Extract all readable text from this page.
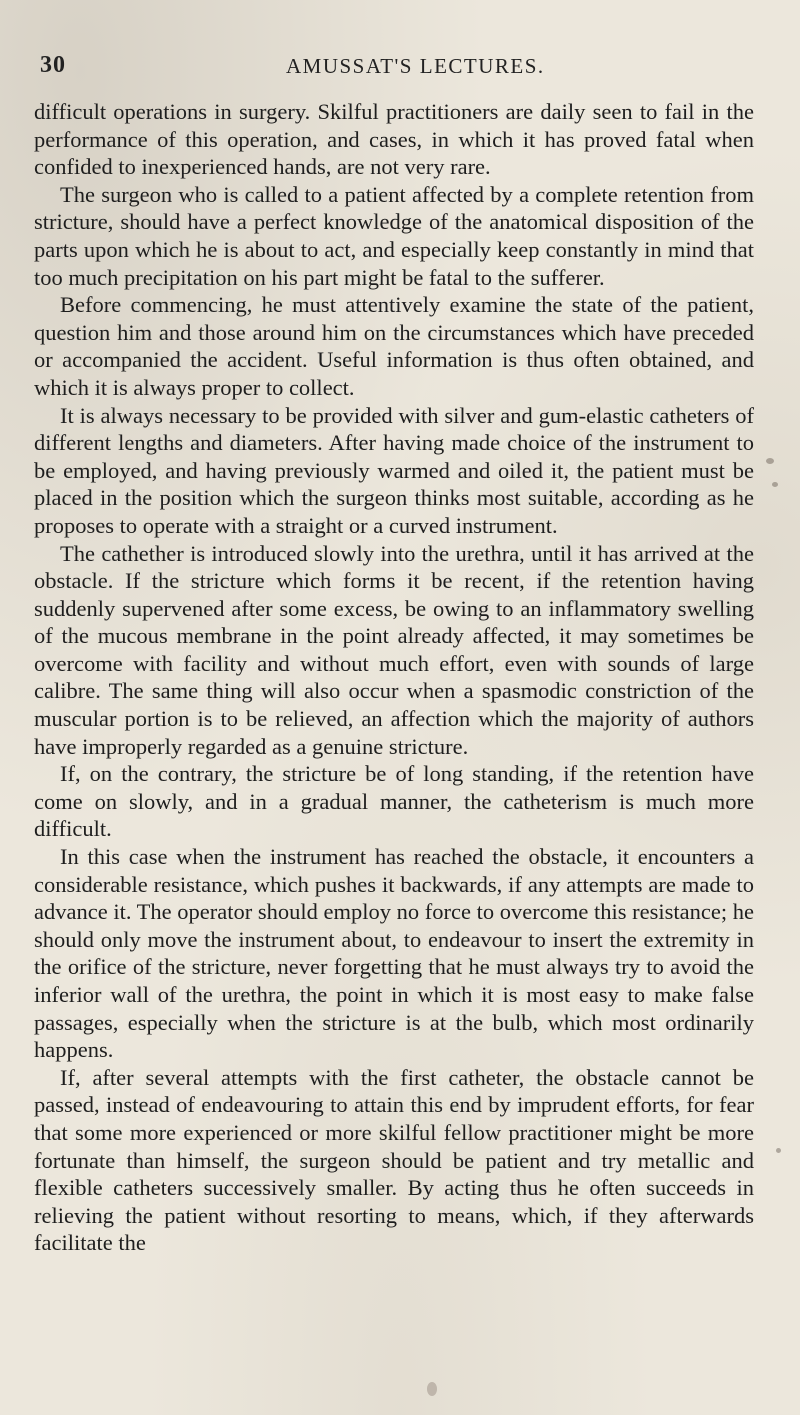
30	AMUSSAT'S LECTURES.

difficult operations in surgery. Skilful practitioners are daily seen to fail in the performance of this operation, and cases, in which it has proved fatal when confided to inexperienced hands, are not very rare.

The surgeon who is called to a patient affected by a complete retention from stricture, should have a perfect knowledge of the anatomical disposition of the parts upon which he is about to act, and especially keep constantly in mind that too much precipitation on his part might be fatal to the sufferer.

Before commencing, he must attentively examine the state of the patient, question him and those around him on the circumstances which have preceded or accompanied the accident. Useful information is thus often obtained, and which it is always proper to collect.

It is always necessary to be provided with silver and gum-elastic catheters of different lengths and diameters. After having made choice of the instrument to be employed, and having previously warmed and oiled it, the patient must be placed in the position which the surgeon thinks most suitable, according as he proposes to operate with a straight or a curved instrument.

The cathether is introduced slowly into the urethra, until it has arrived at the obstacle. If the stricture which forms it be recent, if the retention having suddenly supervened after some excess, be owing to an inflammatory swelling of the mucous membrane in the point already affected, it may sometimes be overcome with facility and without much effort, even with sounds of large calibre. The same thing will also occur when a spasmodic constriction of the muscular portion is to be relieved, an affection which the majority of authors have improperly regarded as a genuine stricture.

If, on the contrary, the stricture be of long standing, if the retention have come on slowly, and in a gradual manner, the catheterism is much more difficult.

In this case when the instrument has reached the obstacle, it encounters a considerable resistance, which pushes it backwards, if any attempts are made to advance it. The operator should employ no force to overcome this resistance; he should only move the instrument about, to endeavour to insert the extremity in the orifice of the stricture, never forgetting that he must always try to avoid the inferior wall of the urethra, the point in which it is most easy to make false passages, especially when the stricture is at the bulb, which most ordinarily happens.

If, after several attempts with the first catheter, the obstacle cannot be passed, instead of endeavouring to attain this end by imprudent efforts, for fear that some more experienced or more skilful fellow practitioner might be more fortunate than himself, the surgeon should be patient and try metallic and flexible catheters successively smaller. By acting thus he often succeeds in relieving the patient without resorting to means, which, if they afterwards facilitate the
